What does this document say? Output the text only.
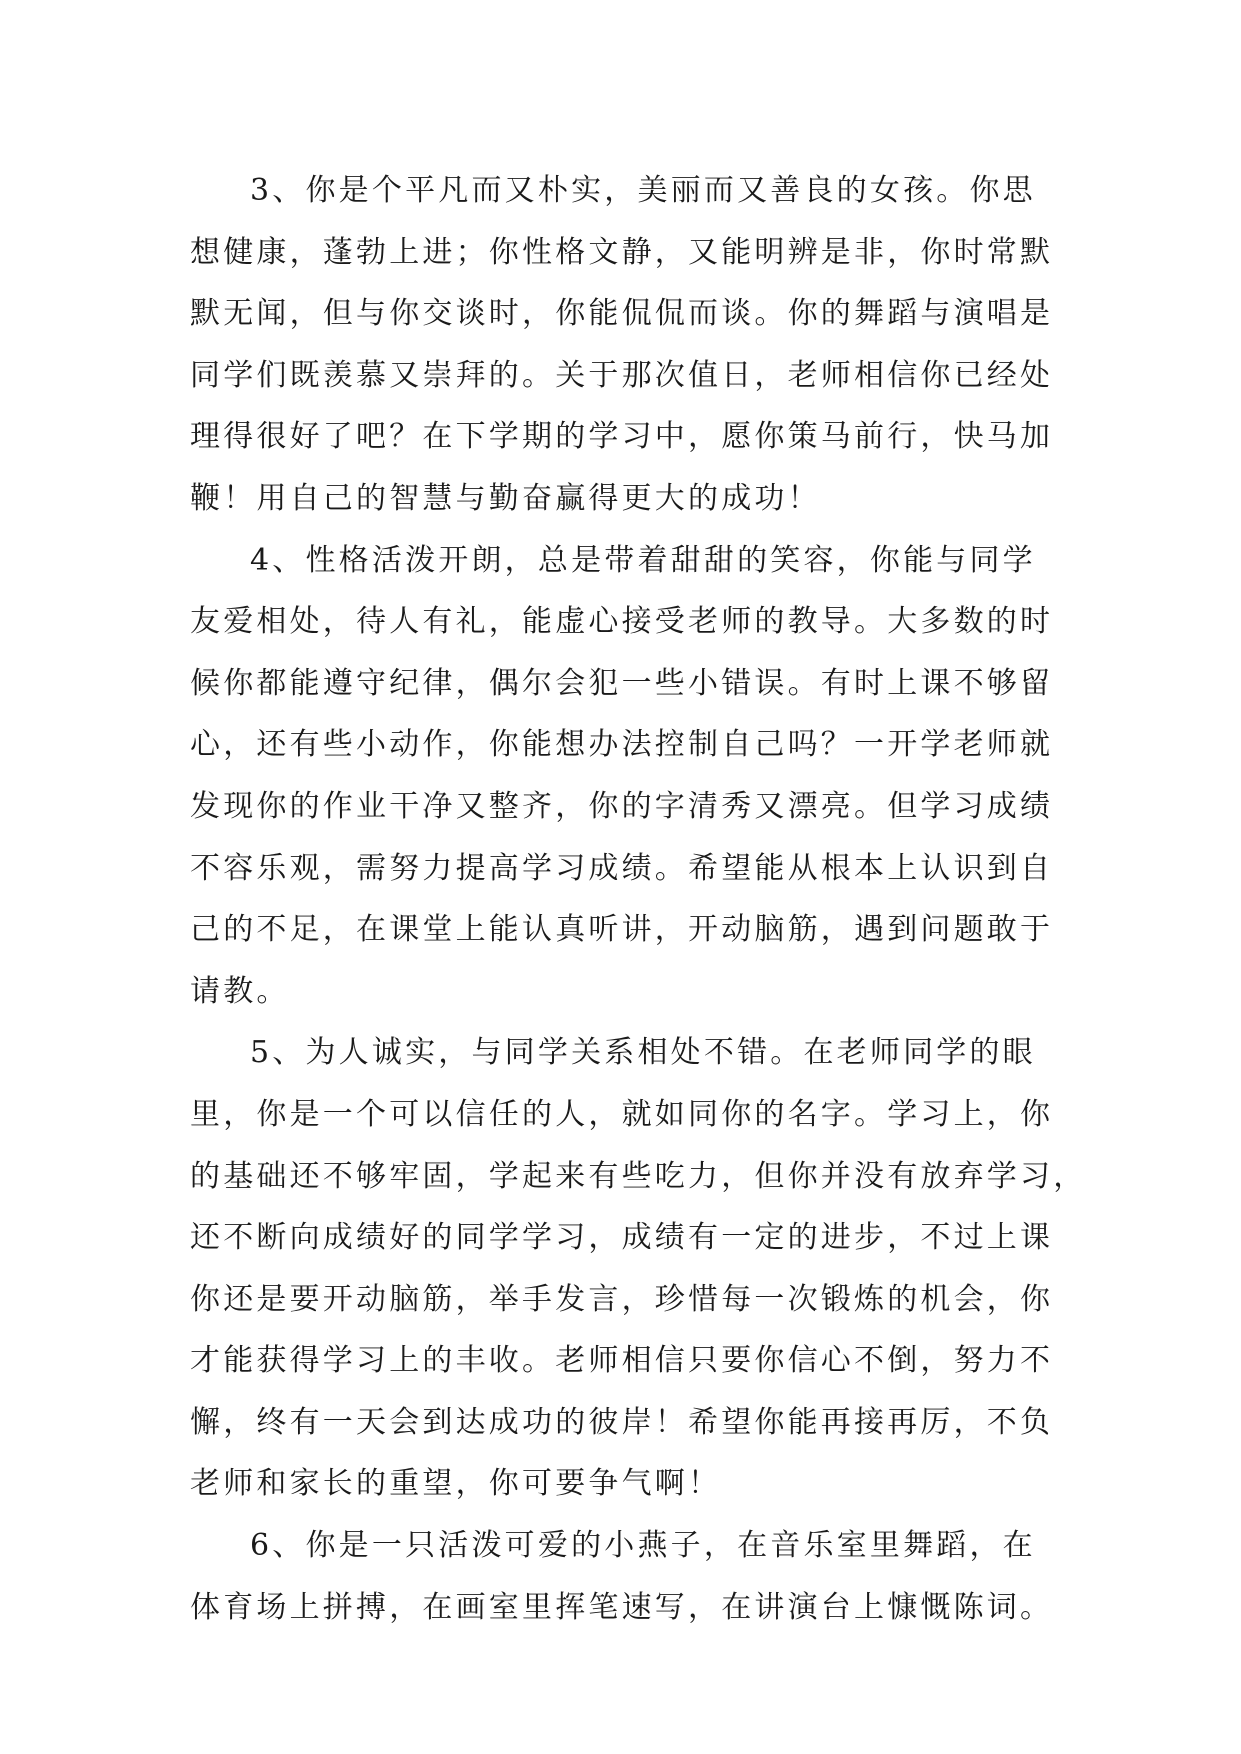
3、你是个平凡而又朴实，美丽而又善良的女孩。你思
想健康，蓬勃上进；你性格文静，又能明辨是非，你时常默
默无闻，但与你交谈时，你能侃侃而谈。你的舞蹈与演唱是
同学们既羡慕又崇拜的。关于那次值日，老师相信你已经处
理得很好了吧？在下学期的学习中，愿你策马前行，快马加
鞭！用自己的智慧与勤奋赢得更大的成功！
4、性格活泼开朗，总是带着甜甜的笑容，你能与同学
友爱相处，待人有礼，能虚心接受老师的教导。大多数的时
候你都能遵守纪律，偶尔会犯一些小错误。有时上课不够留
心，还有些小动作，你能想办法控制自己吗？一开学老师就
发现你的作业干净又整齐，你的字清秀又漂亮。但学习成绩
不容乐观，需努力提高学习成绩。希望能从根本上认识到自
己的不足，在课堂上能认真听讲，开动脑筋，遇到问题敢于
请教。
5、为人诚实，与同学关系相处不错。在老师同学的眼
里，你是一个可以信任的人，就如同你的名字。学习上，你
的基础还不够牢固，学起来有些吃力，但你并没有放弃学习，
还不断向成绩好的同学学习，成绩有一定的进步，不过上课
你还是要开动脑筋，举手发言，珍惜每一次锻炼的机会，你
才能获得学习上的丰收。老师相信只要你信心不倒，努力不
懈，终有一天会到达成功的彼岸！希望你能再接再厉，不负
老师和家长的重望，你可要争气啊！
6、你是一只活泼可爱的小燕子，在音乐室里舞蹈，在
体育场上拼搏，在画室里挥笔速写，在讲演台上慷慨陈词。
